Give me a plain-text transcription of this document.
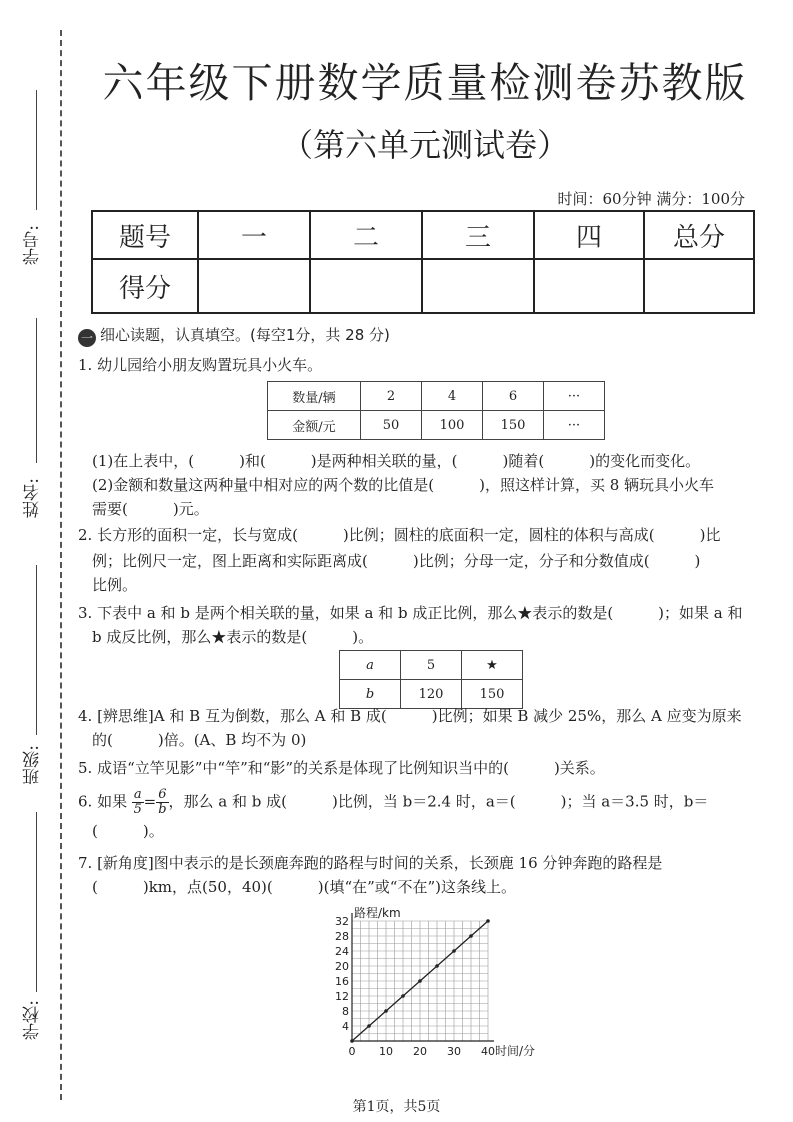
学号:
姓名:
班级:
学校:
六年级下册数学质量检测卷苏教版
（第六单元测试卷）
时间：60分钟 满分：100分
题号	一	二	三	四	总分
得分					
一 细心读题，认真填空。(每空1分，共 28 分)
1. 幼儿园给小朋友购置玩具小火车。
数量/辆	2	4	6	···
金额/元	50	100	150	···
(1)在上表中，(　　　)和(　　　)是两种相关联的量，(　　　)随着(　　　)的变化而变化。
(2)金额和数量这两种量中相对应的两个数的比值是(　　　)，照这样计算，买 8 辆玩具小火车
需要(　　　)元。
2. 长方形的面积一定，长与宽成(　　　)比例；圆柱的底面积一定，圆柱的体积与高成(　　　)比
例；比例尺一定，图上距离和实际距离成(　　　)比例；分母一定，分子和分数值成(　　　)
比例。
3. 下表中 a 和 b 是两个相关联的量，如果 a 和 b 成正比例，那么★表示的数是(　　　)；如果 a 和
b 成反比例，那么★表示的数是(　　　)。
a	5	★
b	120	150
4. [辨思维]A 和 B 互为倒数，那么 A 和 B 成(　　　)比例；如果 B 减少 25%，那么 A 应变为原来
的(　　　)倍。(A、B 均不为 0)
5. 成语“立竿见影”中“竿”和“影”的关系是体现了比例知识当中的(　　　)关系。
6. 如果 $\frac{a}{5} = \frac{6}{b}$ ，那么 a 和 b 成(　　　)比例，当 b＝2.4 时，a＝(　　　)；当 a＝3.5 时，b＝
(　　　)。
7. [新角度]图中表示的是长颈鹿奔跑的路程与时间的关系，长颈鹿 16 分钟奔跑的路程是
(　　　)km，点(50，40)(　　　)(填“在”或“不在”)这条线上。
0 10 20 30 40
4
8
12
16
20
24
28
32
路程/km
时间/分
第1页，共5页
